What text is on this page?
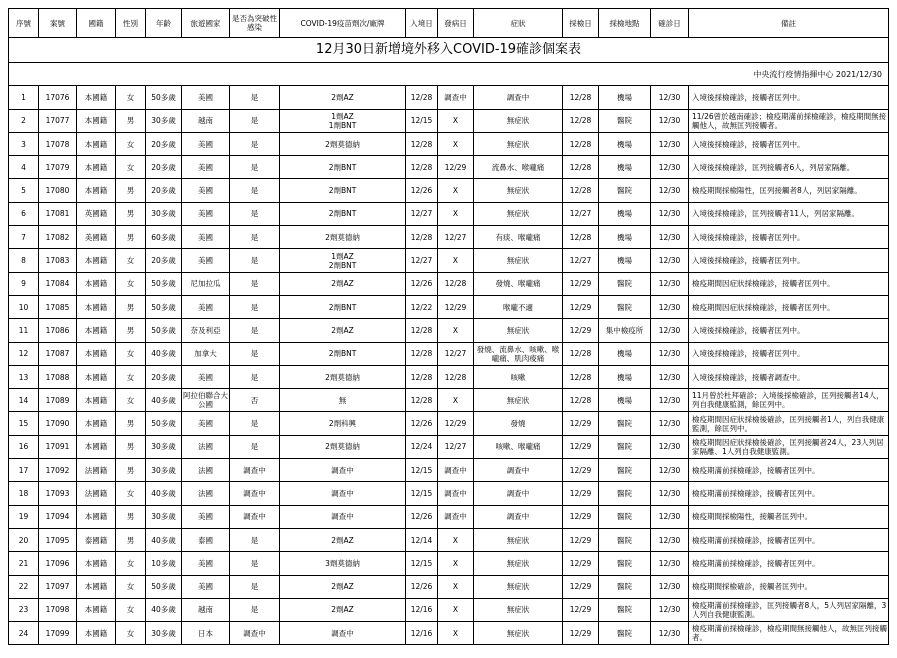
12月30日新增境外移入COVID-19確診個案表														
中央流行疫情指揮中心 2021/12/30														
序號	案號	國籍	性別	年齡	旅遊國家	是否為突破性感染	COVID-19疫苗劑次/廠牌	入境日	發病日	症狀	採檢日	採檢地點	確診日	備註
1	17076	本國籍	女	50多歲	美國	是	2劑AZ	12/28	調查中	調查中	12/28	機場	12/30	入境後採檢確診，接觸者匡列中。
2	17077	本國籍	男	30多歲	越南	是	1劑AZ
1劑BNT	12/15	X	無症狀	12/28	醫院	12/30	11/26曾於越南確診；檢疫期滿前採檢確診，檢疫期間無接觸他人，故無匡列接觸者。
3	17078	本國籍	女	20多歲	美國	是	2劑莫德納	12/28	X	無症狀	12/28	機場	12/30	入境後採檢確診，接觸者匡列中。
4	17079	本國籍	女	20多歲	美國	是	2劑BNT	12/28	12/29	流鼻水、喉嚨痛	12/28	機場	12/30	入境後採檢確診，匡列接觸者6人，列居家隔離。
5	17080	本國籍	男	20多歲	美國	是	2劑BNT	12/26	X	無症狀	12/28	醫院	12/30	檢疫期間採檢陽性，匡列接觸者8人，列居家隔離。
6	17081	英國籍	男	30多歲	美國	是	2劑BNT	12/27	X	無症狀	12/27	機場	12/30	入境後採檢確診，匡列接觸者11人，列居家隔離。
7	17082	美國籍	男	60多歲	美國	是	2劑莫德納	12/28	12/27	有痰、喉嚨痛	12/28	機場	12/30	入境後採檢確診，接觸者匡列中。
8	17083	本國籍	女	20多歲	美國	是	1劑AZ
2劑BNT	12/27	X	無症狀	12/27	機場	12/30	入境後採檢確診，接觸者匡列中。
9	17084	本國籍	女	50多歲	尼加拉瓜	是	2劑AZ	12/26	12/28	發燒、喉嚨痛	12/29	醫院	12/30	檢疫期間因症狀採檢確診，接觸者匡列中。
10	17085	本國籍	男	50多歲	美國	是	2劑BNT	12/22	12/29	喉嚨不適	12/29	醫院	12/30	檢疫期間因症狀採檢確診，接觸者匡列中。
11	17086	本國籍	男	50多歲	奈及利亞	是	2劑AZ	12/28	X	無症狀	12/29	集中檢疫所	12/30	入境後採檢確診，接觸者匡列中。
12	17087	本國籍	女	40多歲	加拿大	是	2劑BNT	12/28	12/27	發燒、流鼻水、咳嗽、喉嚨痛、肌肉痠痛	12/28	機場	12/30	入境後採檢確診，接觸者匡列中。
13	17088	本國籍	女	20多歲	美國	是	2劑莫德納	12/28	12/28	咳嗽	12/28	機場	12/30	入境後採檢確診，接觸者調查中。
14	17089	本國籍	女	40多歲	阿拉伯聯合大公國	否	無	12/28	X	無症狀	12/28	機場	12/30	11月曾於杜拜確診；入境後採檢確診，匡列接觸者14人，列自我健康監測，餘匡列中。
15	17090	本國籍	男	50多歲	美國	是	2劑科興	12/26	12/29	發燒	12/29	醫院	12/30	檢疫期間因症狀採檢後確診，匡列接觸者1人，列自我健康監測，餘匡列中。
16	17091	本國籍	男	30多歲	法國	是	2劑莫德納	12/24	12/27	咳嗽、喉嚨痛	12/29	醫院	12/30	檢疫期間因症狀採檢後確診，匡列接觸者24人，23人列居家隔離、1人列自我健康監測。
17	17092	法國籍	男	30多歲	法國	調查中	調查中	12/15	調查中	調查中	12/29	醫院	12/30	檢疫期滿前採檢確診，接觸者匡列中。
18	17093	法國籍	女	40多歲	法國	調查中	調查中	12/15	調查中	調查中	12/29	醫院	12/30	檢疫期滿前採檢確診，接觸者匡列中。
19	17094	本國籍	男	30多歲	美國	調查中	調查中	12/26	調查中	調查中	12/29	醫院	12/30	檢疫期間採檢陽性，接觸者匡列中。
20	17095	泰國籍	男	40多歲	泰國	是	2劑AZ	12/14	X	無症狀	12/29	醫院	12/30	檢疫期滿前採檢確診，接觸者匡列中。
21	17096	本國籍	女	10多歲	美國	是	3劑莫德納	12/15	X	無症狀	12/29	醫院	12/30	檢疫期滿前採檢確診，接觸者匡列中。
22	17097	本國籍	女	50多歲	美國	是	2劑AZ	12/26	X	無症狀	12/29	醫院	12/30	檢疫期間採檢確診，接觸者匡列中。
23	17098	本國籍	女	40多歲	越南	是	2劑AZ	12/16	X	無症狀	12/29	醫院	12/30	檢疫期滿前採檢確診，匡列接觸者8人，5人列居家隔離，3人列自我健康監測。
24	17099	本國籍	女	30多歲	日本	調查中	調查中	12/16	X	無症狀	12/29	醫院	12/30	檢疫期滿前採檢確診，檢疫期間無接觸他人，故無匡列接觸者。
